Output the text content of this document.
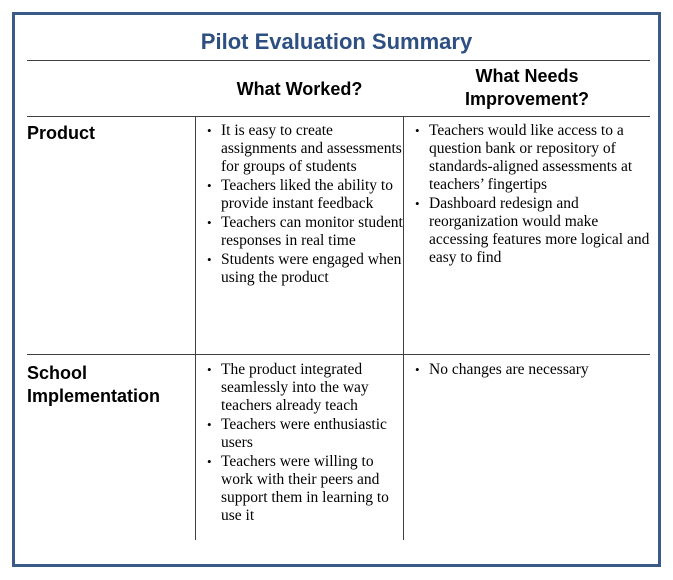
Pilot Evaluation Summary
What Worked?
What Needs
Improvement?
Product
•	It is easy to create assignments and assessments for groups of students
• Teachers liked the ability to provide instant feedback
• Teachers can monitor student responses in real time
• Students were engaged when using the product
• Teachers would like access to a question bank or repository of standards-aligned assessments at teachers’ fingertips
• Dashboard redesign and reorganization would make accessing features more logical and easy to find
School
Implementation
• The product integrated seamlessly into the way teachers already teach
• Teachers were enthusiastic users
• Teachers were willing to work with their peers and support them in learning to use it
• No changes are necessary
